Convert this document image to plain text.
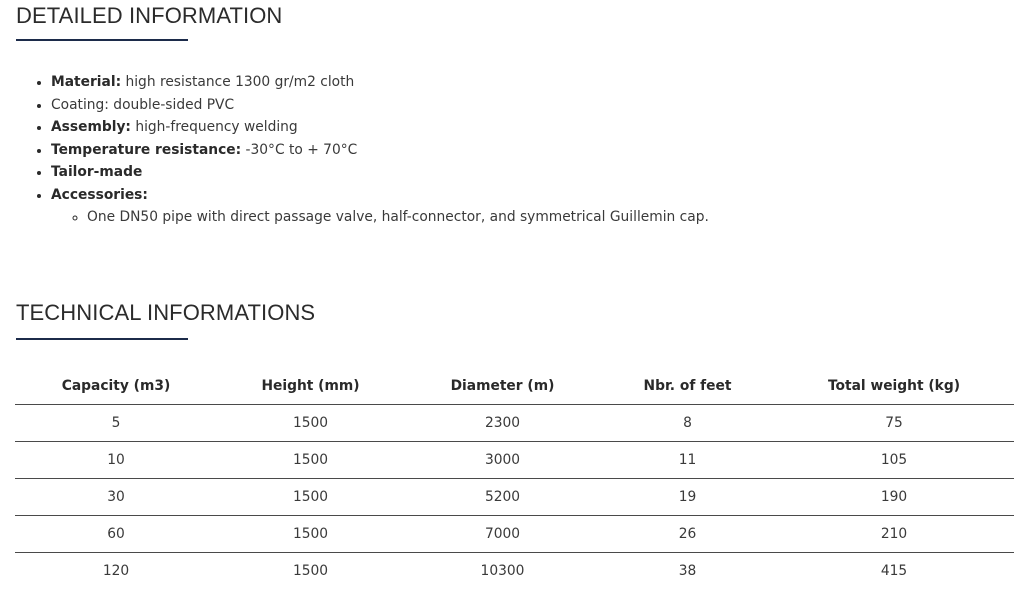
DETAILED INFORMATION
• Material: high resistance 1300 gr/m2 cloth
• Coating: double-sided PVC
• Assembly: high-frequency welding
• Temperature resistance: -30°C to + 70°C
• Tailor-made
• Accessories:
◦ One DN50 pipe with direct passage valve, half-connector, and symmetrical Guillemin cap.
TECHNICAL INFORMATIONS
Capacity (m3)	Height (mm)	Diameter (m)	Nbr. of feet	Total weight (kg)
5	1500	2300	8	75
10	1500	3000	11	105
30	1500	5200	19	190
60	1500	7000	26	210
120	1500	10300	38	415
